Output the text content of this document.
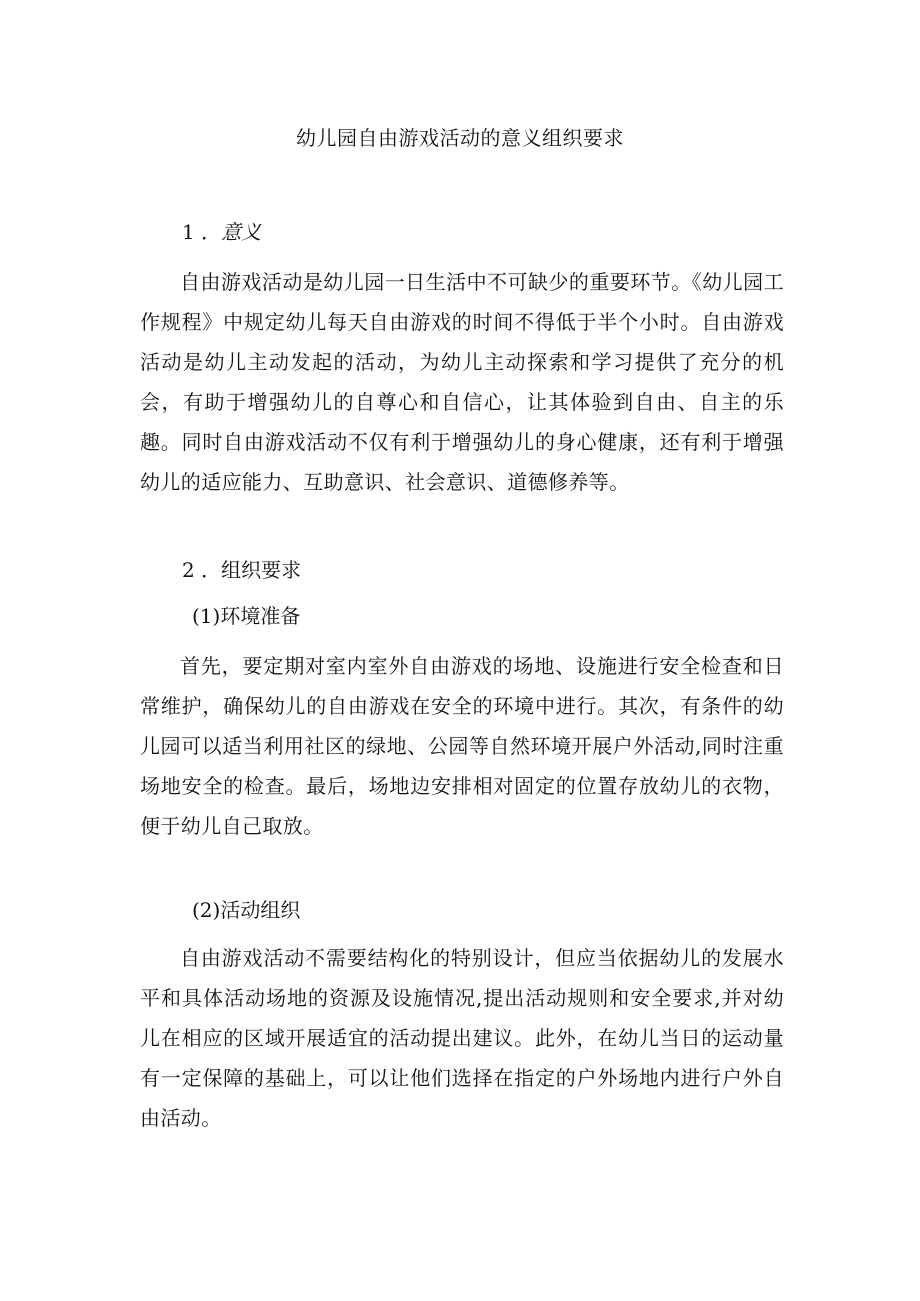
幼儿园自由游戏活动的意义组织要求
1 ．意义

自由游戏活动是幼儿园一日生活中不可缺少的重要环节。《幼儿园工作规程》中规定幼儿每天自由游戏的时间不得低于半个小时。自由游戏活动是幼儿主动发起的活动，为幼儿主动探索和学习提供了充分的机会，有助于增强幼儿的自尊心和自信心，让其体验到自由、自主的乐趣。同时自由游戏活动不仅有利于增强幼儿的身心健康，还有利于增强幼儿的适应能力、互助意识、社会意识、道德修养等。

2 ．组织要求
(1)环境准备

首先，要定期对室内室外自由游戏的场地、设施进行安全检查和日常维护，确保幼儿的自由游戏在安全的环境中进行。其次，有条件的幼儿园可以适当利用社区的绿地、公园等自然环境开展户外活动,同时注重场地安全的检查。最后，场地边安排相对固定的位置存放幼儿的衣物，便于幼儿自己取放。

(2)活动组织

自由游戏活动不需要结构化的特别设计，但应当依据幼儿的发展水平和具体活动场地的资源及设施情况,提出活动规则和安全要求,并对幼儿在相应的区域开展适宜的活动提出建议。此外，在幼儿当日的运动量有一定保障的基础上，可以让他们选择在指定的户外场地内进行户外自由活动。
